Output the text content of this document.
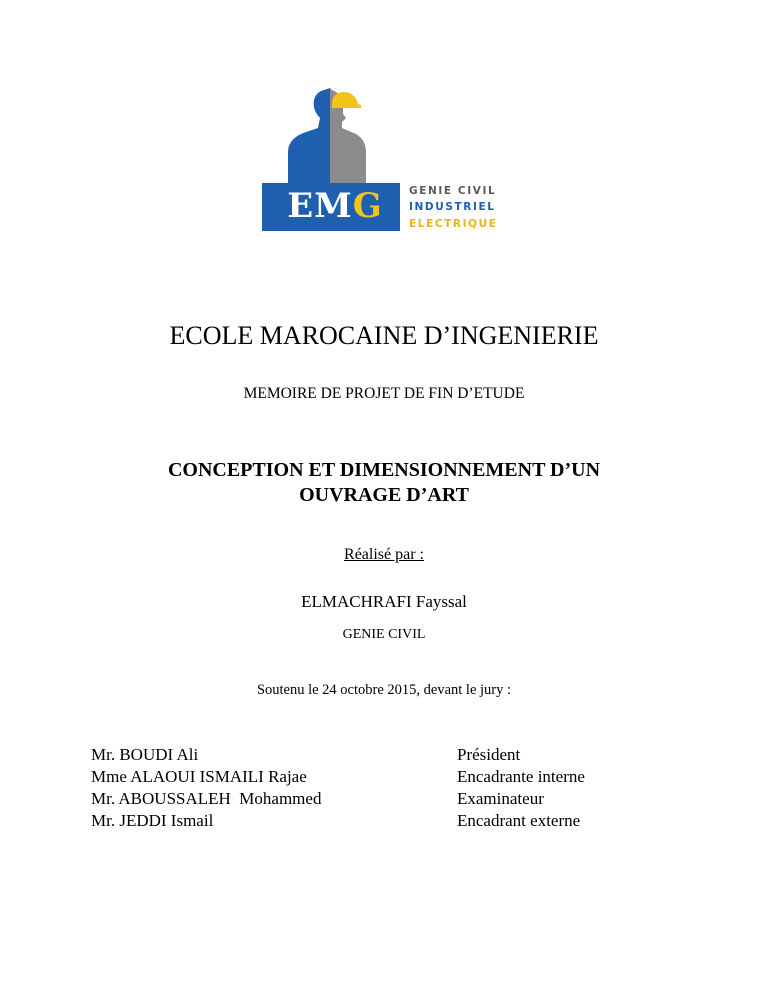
EMG	GENIE CIVIL
INDUSTRIEL
ELECTRIQUE
ECOLE MAROCAINE D’INGENIERIE
MEMOIRE DE PROJET DE FIN D’ETUDE
CONCEPTION ET DIMENSIONNEMENT D’UN
OUVRAGE D’ART
Réalisé par :
ELMACHRAFI Fayssal
GENIE CIVIL
Soutenu le 24 octobre 2015, devant le jury :
Mr. BOUDI Ali	Président
Mme ALAOUI ISMAILI Rajae	Encadrante interne
Mr. ABOUSSALEH  Mohammed	Examinateur
Mr. JEDDI Ismail	Encadrant externe
